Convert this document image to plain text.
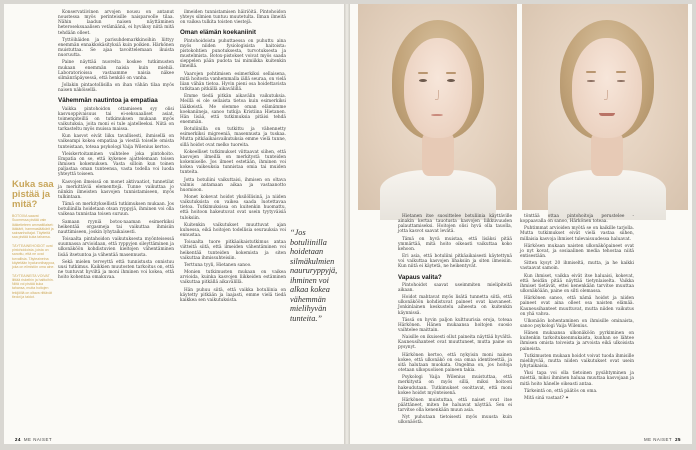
Konservatiivinen arvojen nousu on antanut noustessa myös perinteisille naisparoolle tilaa. Nähin laadun naisen näyttäminen heteroseksuaalisen vetämäänä, ei hyväksy niitä mitä tehdään olleet.

Tyttöihäiden ja parisuhdemarkkinoihin liittyy enemmän ennakkokäsityksiä kuin poikien. Härkönen muistuttaa. Se ajaa tavoittelemaan ikuista nuoruutta.

Paine näyttää nuorelta koskee tutkimusten mukaan enemmän naisia kuin miehiä. Laboratorioissa vastaamme naisia näkee silmänräpäysessä, että henkilö on vanha.

Jollakin pintaotollisilla on ihan vähän tilaa myös naisen näköisellä.

Vähemmän nautintoa ja empatiaa

Vaikka pintohoidon ottamiseen syy olisi kasvuoppivaisuus tai ei-seksuaaliset asiat, toimenpiteillä on tutkimuksen mukaan myös vaikutuksia, joita moni ei tule ajatelleeksi. Niitä on tarkasteltu myös muissa maissa.

Kun kasvot eivät liiku tavallisesti, ihmisellä on vaikeampi kokea empatiaa ja viestiä toiselle omista tunteistaan, toteaa psykologi Vaija Wilenius kertoo.

Yleiskertoitaminen vaihtelee joka pintohoito. Empatia on se, että kykenee ajattelemaan toisen ihmisen kokemuksen. Vasta silloin kun toinen paljastaa oman tunteensa, vasta todella voi luoda yhteyttä toiseen.

Kasvojen ilmeissä on monet aktivaatiot, tunnetilat ja merkittäviä elementtejä. Tunne vaikuttaa jo niinkin ilmeisten kasvojen tunnistamiseen, myös tulkintaan.

Tämä on merkityksellistä tutkimuksen mukaan. Jos botuliinilla hoidetaan otsan ryppyjä, ihminen voi olla vaikeaa tunnistaa toisen suruun.

Samaan ryyniä botox-naaman esimerkiksi heikentää orgasmeja tai vaikuttaa ihmisiin nauttimiseen, joskin lyhytaikaisesti.

Toisaalta pintahoidon vaikutuksesta myönteisessä suunnassa arvioidaan, että ryppyjen sileyttäminen ja ulkonäköön kohdistuvien kieltojen vähentäminen lisää itsetuntoa ja vähentää masennusta.

Sekä mielen terveyttä että tunnistusta onnistuu uusi tutkimus. Kaikkien muutosten tarkoitus on, että ne tuntuvat hyviltä ja moni ihminen voi kokea, että hoito kohentaa omakuvaa.

ilmeiden tunnistamisen häiriöitä. Pintohoidon yhteys silmien tuntuu muutetulta. Ilman ilmeitä on vaikea tulkita toisten viestejä.

Oman elämän koekaniinit

Pintohoidoista puhuttaessa on puhuttu aina myös niiden fysiologisista haitoista: pistokohtien punotuksesta, turvotuksesta ja mustelmista. Botox-pistokset voivat myös saada sieppelen pään pudota tai mimiikka kuitenkin ilmeillä.

Vaarojen pohtimisen esimerkiksi sellaisena, mitä hoitosta vanhemmalla iällä seuraa, on vielä liian vähän tietoa. Hyvin pieni osa hoidettavista tutkitaan pitkällä aikavälillä.

Emme tiedä pitkän aikavälin vaikutuksia. Meillä ei ole sellaista tietoa kuin esimerkiksi lääkkeistä. Me olemme oman elämämme koekaniineja, sanoo tutkija Kristiina Hietanen. Hän lisää, että tutkimuksia pitäisi tehdä enemmän.

Botuliinilla on tutkittu ja vähennetty esimerkiksi migreeniä, masennusta ja tuskaa. Mutta pitkäaikaisvaikutuksia emme vielä tunne, sillä hoidot ovat melko tuoreita.

Kokeelliset tutkimukset viittaavat siihen, että kasvojen ilmeillä on merkitystä tunteiden kokemiselle. Jos ilmeet estetään, ihminen voi kokea vaikeuksia tunnistaa omia tai muiden tunteita.

Jotta botuliini vaikuttaisi, ihmisen on oltava valmis antamaan aikaa ja vastaanotto huomioon.

Monet kokevat hoidot yksilöllisinä, ja niiden vaikutuksista on vaikea saada luotettavaa tietoa. Tutkimuksissa on kuitenkin huomattu, että hoitoon hakeutuvat ovat usein tyytyväisiä tuloksiin.

Kuitenkin vaikutukset muuttuvat ajan kuluessa, eikä hoitojen todellisia seurauksia voi ennustaa.

Toisaalta tuore pitkäaikaistutkimus antaa viitteitä siitä, että ilmeiden vähentäminen voi heikentää tunteiden kokemista ja siten vaikuttaa ihmissuhteisiin.

Terttuna tyyli, Hietanen sanoo.

Monien tutkimusten mukaan on vaikea arvioida, kuinka kasvojen liikkeiden estäminen vaikuttaa pitkällä aikavälillä.

Hän puhuu siitä, että vaikka botuliinia on käytetty pitkään ja laajasti, emme vielä tiedä kaikkea sen vaikutuksista.

Kuka saa pistää ja mitä?

BOTOXIA saavat Suomessa pistää vain lääketieteen ammattilaiset: lääkärit, hammaslääkärit ja sairaanhoitajat. Täytteitä saa pistää kuka tahansa.

TÄYTEAINEHOIDOT ovat pintohoidoista, joista on sanottu, että ne ovat turvallisia. Täyteaineina käytetään hyaluronihappoa, joka on elimistön oma aine.

TÄYTEAINEITA VOIVAT liittää riskeihin ja haittoihin. Niitä voi pistää kuka tahansa, mutta hoitojen tekijöillä on oltava riittävät tiedot ja taidot.

“Jos botuliinilla hoidetaan silmäkulmien naururyppyjä, ihminen voi alkaa kokea vähemmän mielihyvän tunteita.”
24 ME NAISET

Hietanen itse suosittelee botuliinia käyttäville ainakin kertaa tauotusta kasvojen liikkuvuuden palauttamiseksi. Hoitojen olisi hyvä olla tauolla, jotta kasvot saavat levätä.

Tämä on hyvä muistaa, että lisäksi pitää ymmärtää, mitä hoito oikeasti vaikuttaa koko kehoon.

Eri asia, että botuliini pitkäaikaisesti käytettynä voi vaikuttaa kasvojen lihaksiin ja siten ilmeisiin. Kun niitä ei käytetä, ne heikentyvät.

Vapaus valita?

Pintohoidot saavat useimmiten mielipiteitä aikaan.

Hoidot mahtavat myös lisätä tunnetta siitä, että ulkonäköön kohdistuvat paineet ovat kasvaneet. Jonkinlainen keskustelu aiheesta on kuitenkin käynnissä.

Tässä on hyvin paljon kulttuurisia eroja, toteaa Härkönen. Hänen mukaansa hoitojen suosio vaihtelee maittain.

Naisille on ikuisesti ollut paineita näyttää hyvältä. Kauneusihanteet ovat muuttuneet, mutta paine on pysynyt.

Härkönen kertoo, että nykyisin moni nainen kokee, että ulkonäkö on osa omaa identiteettiä, ja sitä halutaan muokata. Ongelma on, jos hoitoja otetaan ulkopuolisen paineen takia.

Psykologi Vaija Wilenius muistuttaa, että merkitystä on myös sillä, miksi hoitoon hakeudutaan. Tutkimukset osoittavat, että moni kokee hoidot myönteisenä.

Härkönen muistuttaa, että naiset ovat itse päättäneet, miten he haluavat näyttää. Sen ei tarvitse olla kenenkään muun asia.

Nyt puhutaan tietoisesti myös muusta kuin ulkonäöstä.

tönttää ottaa pintohoitoja perustelee - koppaavalla on sanoo, Härkönen toteaa.

Puhtimmat arvioiden myötä se on kaikille tarjolla. Mutta tutkimukset eivät vielä vastaa siihen, millaisia kasvoja ihmiset tulevaisuudessa haluavat.

Härkösen mukaan naisten ulkonäköpaineet ovat jo nyt kovat, ja sosiaalinen media tehostaa niitä entisestään.

Sitten kysyt 20 ihmiseltä, mutta, ja he kaikki vastaavat samoin.

Kun ihmiset, vaikka eivät itse haluaisi, kokevat, että heidän pitää näyttää tietynlaiselta. Vaikka ihmiset tietävät, ettei kenenkään tarvitse muuttaa ulkonäköään, paine on silti olemassa.

Härkönen sanoo, että nämä hoidot ja niiden paineet ovat aina olleet osa naisten elämää. Kauneusihanteet muuttuvat, mutta niiden vaikutus on yhä vahva.

Ulkonäön kohentaminen on ihmisille ominaista, sanoo psykologi Vaija Wilenius.

Hänen mukaansa ulkonäköön pyrkiminen on kuitenkin tarkoituksenmukaista, kunhan se lähtee ihmisen omista toiveista ja arvoista eikä ulkoisista paineista.

Tutkimusten mukaan hoidot voivat tuoda ihmisille mielihyvää, mutta niiden vaikutukset ovat usein lyhytaikaisia.

Yksi tapa voi olla tietoinen pysähtyminen ja miettiä, miksi ihminen haluaa muuttaa kasvojaan ja mitä hoito hänelle oikeasti antaa.

Tärkeintä on, että päätös on oma.

Mitä sinä vastaat? ✦

ME NAISET 25
